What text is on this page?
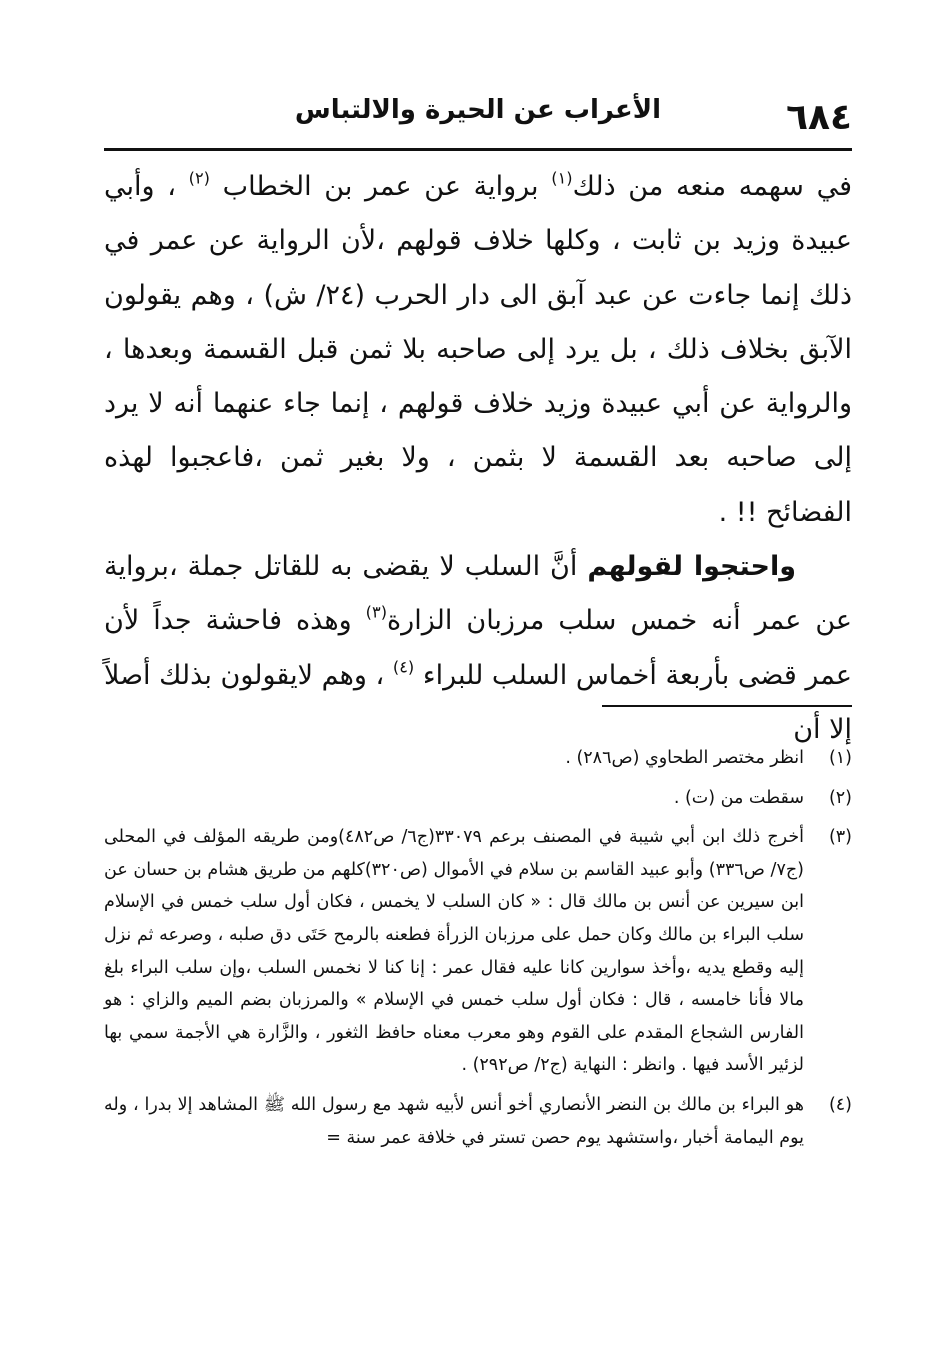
٦٨٤
الأعراب عن الحيرة والالتباس

في سهمه منعه من ذلك$^{(١)}$ برواية عن عمر بن الخطاب $^{(٢)}$ ، وأبي عبيدة وزيد بن ثابت ، وكلها خلاف قولهم ،لأن الرواية عن عمر في ذلك إنما جاءت عن عبد آبق الى دار الحرب (٢٤/ ش) ، وهم يقولون الآبق بخلاف ذلك ، بل يرد إلى صاحبه بلا ثمن قبل القسمة وبعدها ، والرواية عن أبي عبيدة وزيد خلاف قولهم ، إنما جاء عنهما أنه لا يرد إلى صاحبه بعد القسمة لا بثمن ، ولا بغير ثمن ،فاعجبوا لهذه الفضائح !! .

واحتجوا لقولهم أنَّ السلب لا يقضى به للقاتل جملة ،برواية عن عمر أنه خمس سلب مرزبان الزارة$^{(٣)}$ وهذه فاحشة جداً لأن عمر قضى بأربعة أخماس السلب للبراء $^{(٤)}$ ، وهم لايقولون بذلك أصلاً إلا أن

(١)
انظر مختصر الطحاوي (ص٢٨٦) .
(٢)
سقطت من (ت) .
(٣)
أخرج ذلك ابن أبي شيبة في المصنف برعم ٣٣٠٧٩(ج٦/ ص٤٨٢)ومن طريقه المؤلف في المحلى (ج٧/ ص٣٣٦) وأبو عبيد القاسم بن سلام في الأموال (ص٣٢٠)كلهم من طريق هشام بن حسان عن ابن سيرين عن أنس بن مالك قال : « كان السلب لا يخمس ، فكان أول سلب خمس في الإسلام سلب البراء بن مالك وكان حمل على مرزبان الزرأة فطعنه بالرمح حَتَى دق صلبه ، وصرعه ثم نزل إليه وقطع يديه ،وأخذ سوارين كانا عليه فقال عمر : إنا كنا لا نخمس السلب ،وإن سلب البراء بلغ مالا فأنا خامسه ، قال : فكان أول سلب خمس في الإسلام » والمرزبان بضم الميم والزاي : هو الفارس الشجاع المقدم على القوم وهو معرب معناه حافظ الثغور ، والزَّارة هي الأجمة سمي بها لزئير الأسد فيها . وانظر : النهاية (ج٢/ ص٢٩٢) .
(٤)
هو البراء بن مالك بن النضر الأنصاري أخو أنس لأبيه شهد مع رسول الله ﷺ المشاهد إلا بدرا ، وله يوم اليمامة أخبار ،واستشهد يوم حصن تستر في خلافة عمر سنة =
